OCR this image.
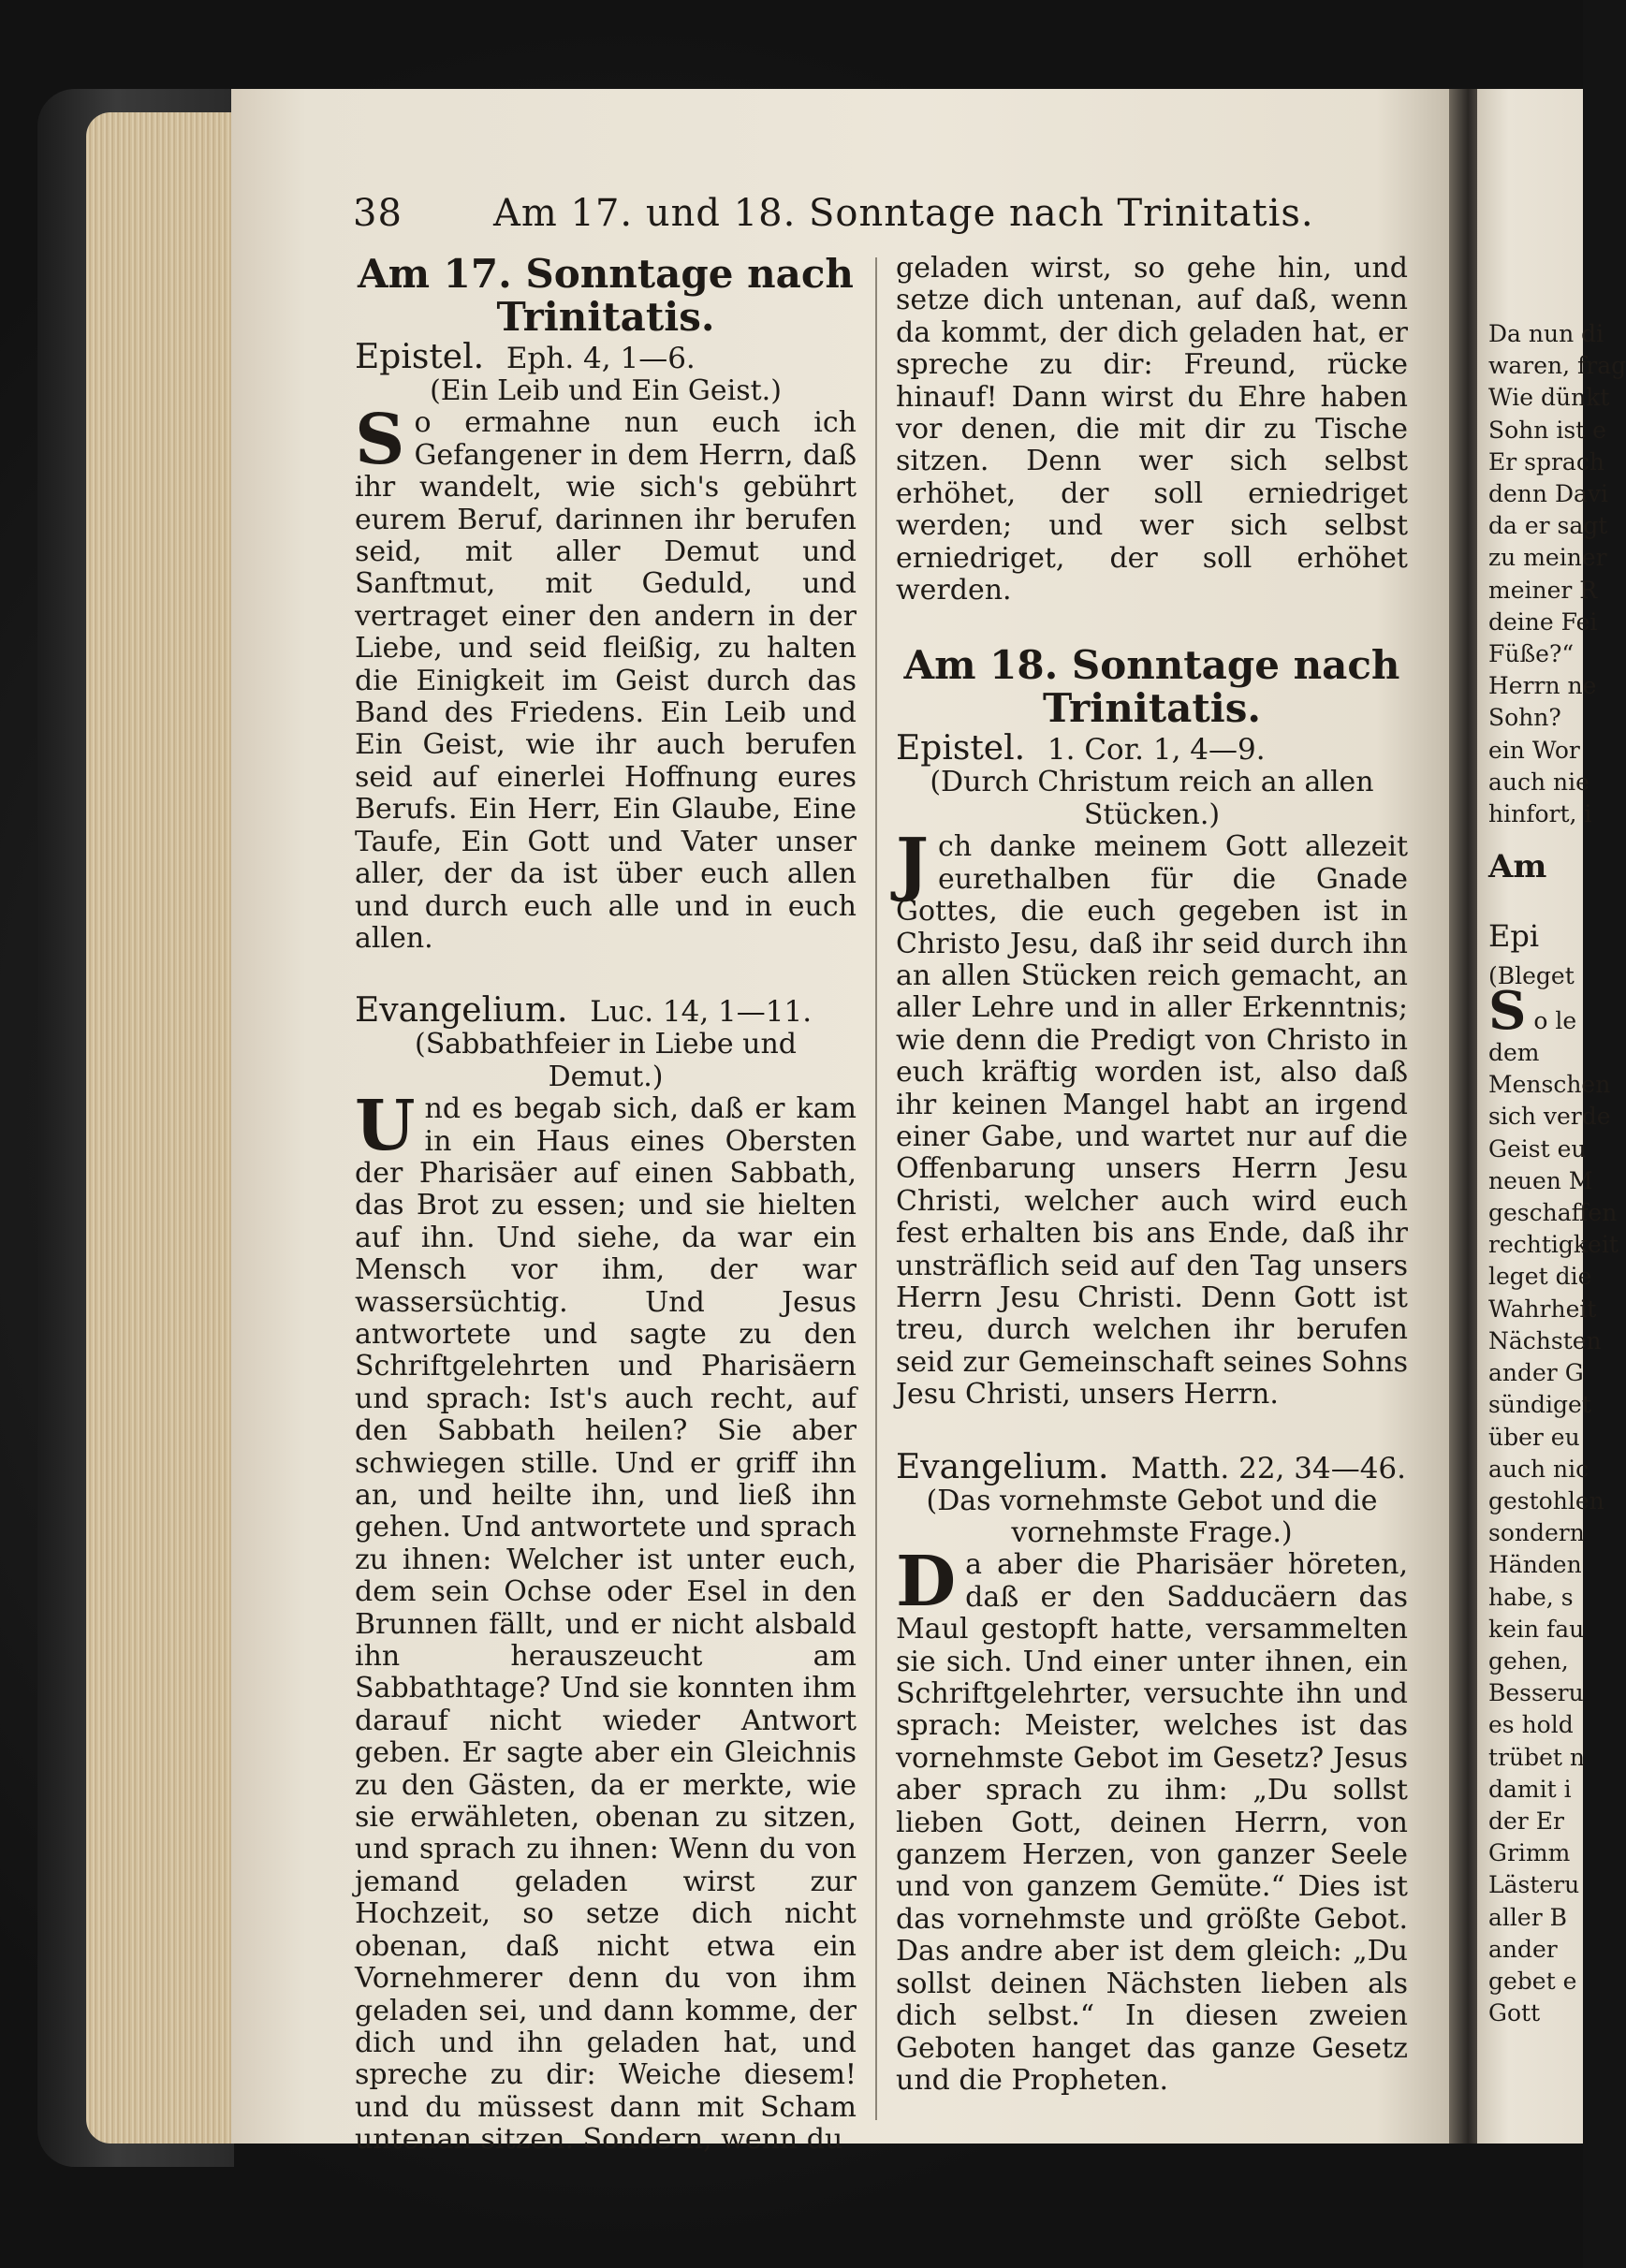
38 Am 17. und 18. Sonntage nach Trinitatis.
Am 17. Sonntage nach Trinitatis.
Epistel. Eph. 4, 1—6.

(Ein Leib und Ein Geist.)

So ermahne nun euch ich Gefangener in dem Herrn, daß ihr wandelt, wie sich's gebührt eurem Beruf, darinnen ihr berufen seid, mit aller Demut und Sanftmut, mit Geduld, und vertraget einer den andern in der Liebe, und seid fleißig, zu halten die Einigkeit im Geist durch das Band des Friedens. Ein Leib und Ein Geist, wie ihr auch berufen seid auf einerlei Hoffnung eures Berufs. Ein Herr, Ein Glaube, Eine Taufe, Ein Gott und Vater unser aller, der da ist über euch allen und durch euch alle und in euch allen.

Evangelium. Luc. 14, 1—11.

(Sabbathfeier in Liebe und Demut.)

Und es begab sich, daß er kam in ein Haus eines Obersten der Pharisäer auf einen Sabbath, das Brot zu essen; und sie hielten auf ihn. Und siehe, da war ein Mensch vor ihm, der war wassersüchtig. Und Jesus antwortete und sagte zu den Schriftgelehrten und Pharisäern und sprach: Ist's auch recht, auf den Sabbath heilen? Sie aber schwiegen stille. Und er griff ihn an, und heilte ihn, und ließ ihn gehen. Und antwortete und sprach zu ihnen: Welcher ist unter euch, dem sein Ochse oder Esel in den Brunnen fällt, und er nicht alsbald ihn herauszeucht am Sabbathtage? Und sie konnten ihm darauf nicht wieder Antwort geben. Er sagte aber ein Gleichnis zu den Gästen, da er merkte, wie sie erwähleten, obenan zu sitzen, und sprach zu ihnen: Wenn du von jemand geladen wirst zur Hochzeit, so setze dich nicht obenan, daß nicht etwa ein Vornehmerer denn du von ihm geladen sei, und dann komme, der dich und ihn geladen hat, und spreche zu dir: Weiche diesem! und du müssest dann mit Scham untenan sitzen. Sondern, wenn du

geladen wirst, so gehe hin, und setze dich untenan, auf daß, wenn da kommt, der dich geladen hat, er spreche zu dir: Freund, rücke hinauf! Dann wirst du Ehre haben vor denen, die mit dir zu Tische sitzen. Denn wer sich selbst erhöhet, der soll erniedriget werden; und wer sich selbst erniedriget, der soll erhöhet werden.

Am 18. Sonntage nach Trinitatis.
Epistel. 1. Cor. 1, 4—9.

(Durch Christum reich an allen Stücken.)

Jch danke meinem Gott allezeit eurethalben für die Gnade Gottes, die euch gegeben ist in Christo Jesu, daß ihr seid durch ihn an allen Stücken reich gemacht, an aller Lehre und in aller Erkenntnis; wie denn die Predigt von Christo in euch kräftig worden ist, also daß ihr keinen Mangel habt an irgend einer Gabe, und wartet nur auf die Offenbarung unsers Herrn Jesu Christi, welcher auch wird euch fest erhalten bis ans Ende, daß ihr unsträflich seid auf den Tag unsers Herrn Jesu Christi. Denn Gott ist treu, durch welchen ihr berufen seid zur Gemeinschaft seines Sohns Jesu Christi, unsers Herrn.

Evangelium. Matth. 22, 34—46.

(Das vornehmste Gebot und die vornehmste Frage.)

Da aber die Pharisäer höreten, daß er den Sadducäern das Maul gestopft hatte, versammelten sie sich. Und einer unter ihnen, ein Schriftgelehrter, versuchte ihn und sprach: Meister, welches ist das vornehmste Gebot im Gesetz? Jesus aber sprach zu ihm: „Du sollst lieben Gott, deinen Herrn, von ganzem Herzen, von ganzer Seele und von ganzem Gemüte.“ Dies ist das vornehmste und größte Gebot. Das andre aber ist dem gleich: „Du sollst deinen Nächsten lieben als dich selbst.“ In diesen zweien Geboten hanget das ganze Gesetz und die Propheten.

Da nun di
waren, frag
Wie dünkt
Sohn ist e
Er sprach
denn Davi
da er sagt
zu meiner
meiner R
deine Fei
Füße?“
Herrn ne
Sohn?
ein Wor
auch nie
hinfort, i
Am
Epi
(Bleget
S o le
dem
Menschen
sich verde
Geist eu
neuen M
geschaffen
rechtigkeit
leget die
Wahrheit
Nächsten
ander G
sündiget
über eu
auch nic
gestohlen
sondern
Händen
habe, s
kein fau
gehen,
Besseru
es hold
trübet n
damit i
der Er
Grimm
Lästeru
aller B
ander
gebet e
Gott
